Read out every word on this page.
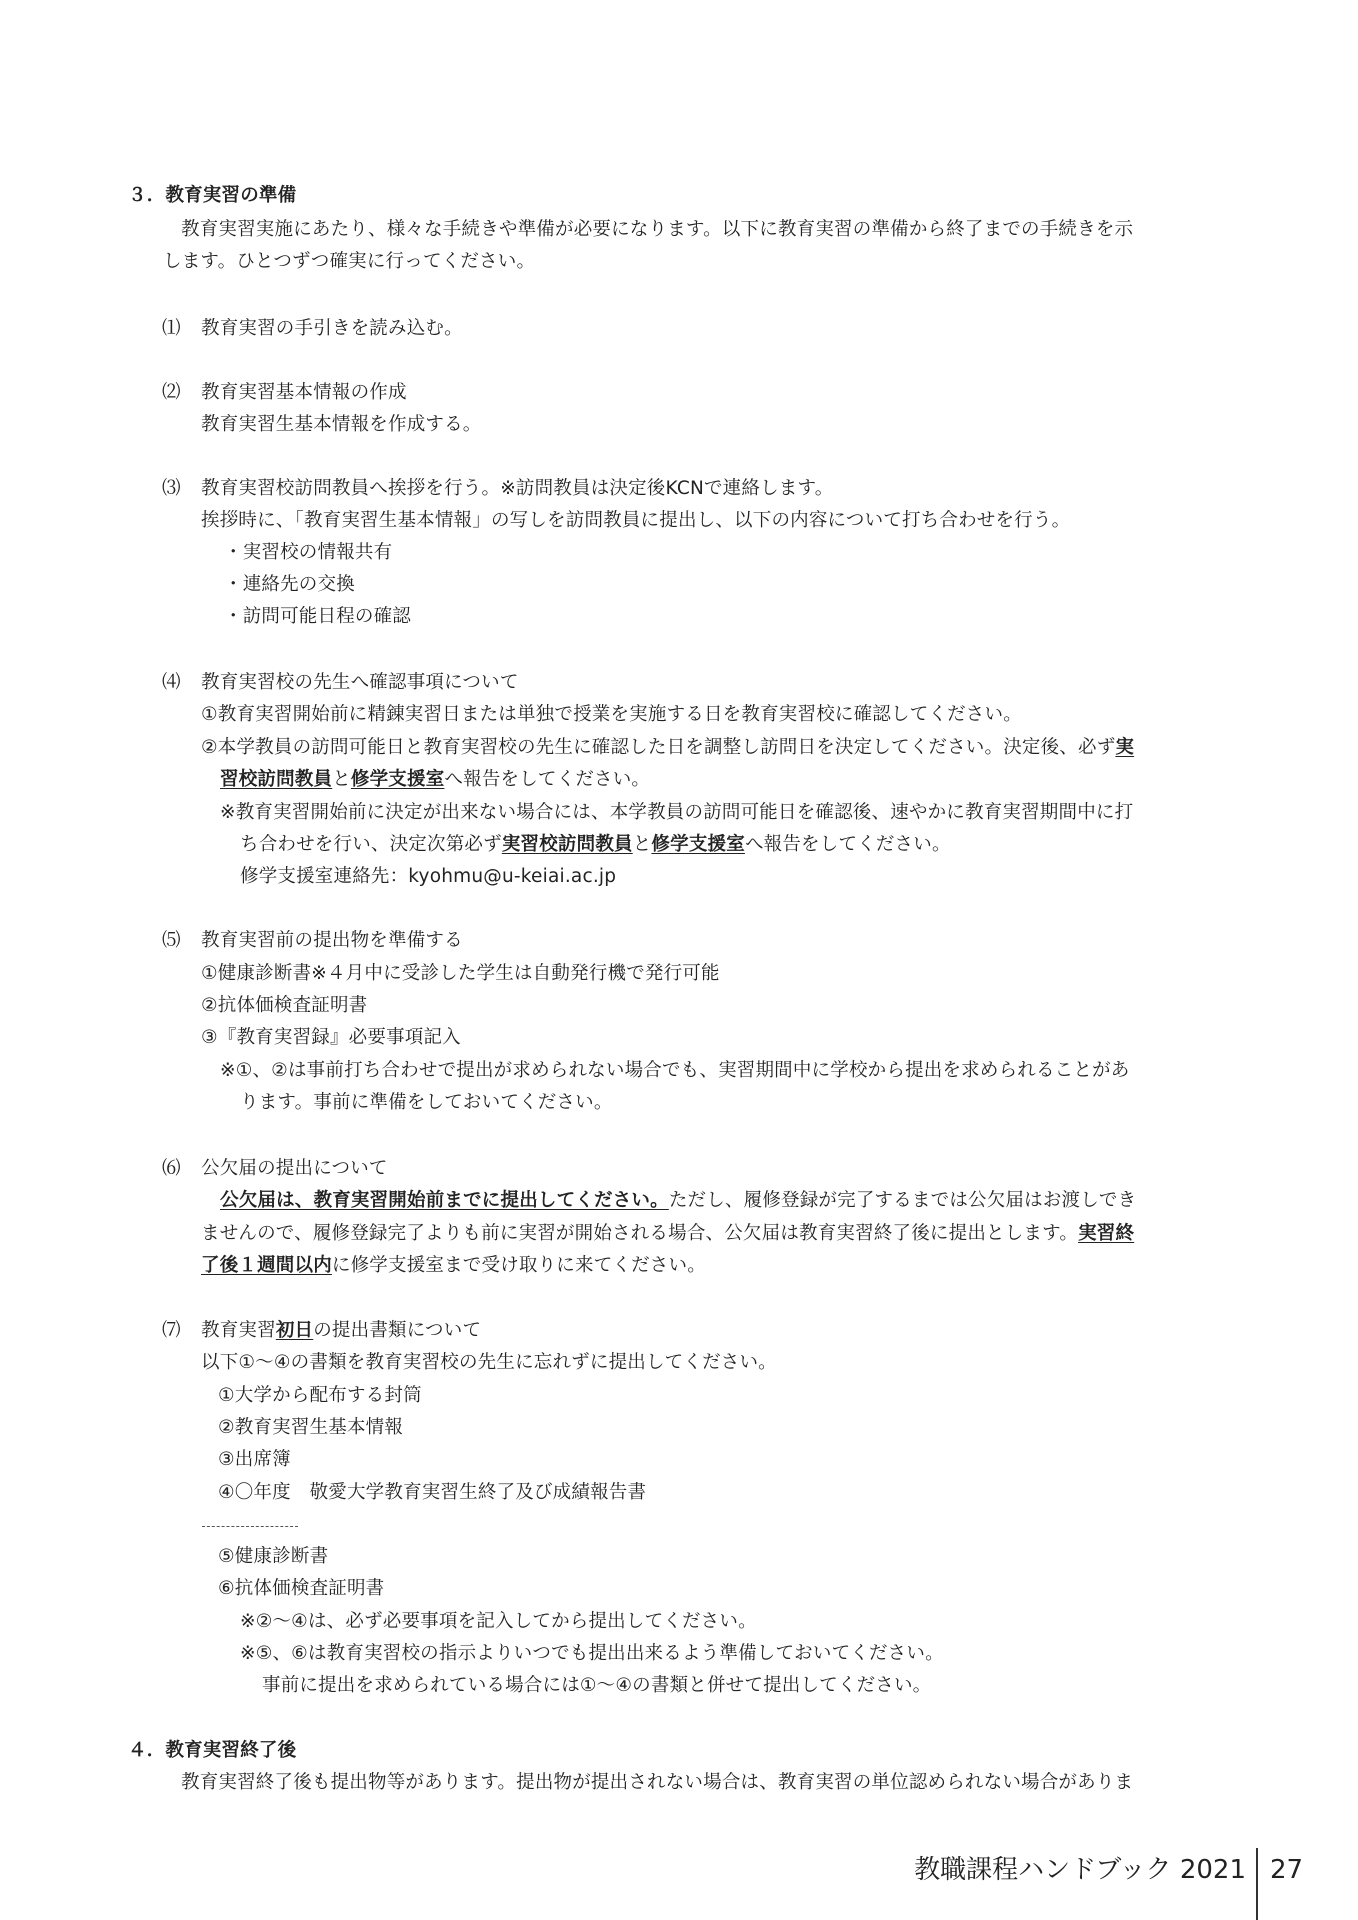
３．教育実習の準備
教育実習実施にあたり、様々な手続きや準備が必要になります。以下に教育実習の準備から終了までの手続きを示
します。ひとつずつ確実に行ってください。
⑴ 教育実習の手引きを読み込む。
⑵ 教育実習基本情報の作成
教育実習生基本情報を作成する。
⑶ 教育実習校訪問教員へ挨拶を行う。※訪問教員は決定後KCNで連絡します。
挨拶時に、「教育実習生基本情報」の写しを訪問教員に提出し、以下の内容について打ち合わせを行う。
・実習校の情報共有
・連絡先の交換
・訪問可能日程の確認
⑷ 教育実習校の先生へ確認事項について
①教育実習開始前に精錬実習日または単独で授業を実施する日を教育実習校に確認してください。
②本学教員の訪問可能日と教育実習校の先生に確認した日を調整し訪問日を決定してください。決定後、必ず実
習校訪問教員と修学支援室へ報告をしてください。
※教育実習開始前に決定が出来ない場合には、本学教員の訪問可能日を確認後、速やかに教育実習期間中に打
ち合わせを行い、決定次第必ず実習校訪問教員と修学支援室へ報告をしてください。
修学支援室連絡先：kyohmu@u-keiai.ac.jp
⑸ 教育実習前の提出物を準備する
①健康診断書※４月中に受診した学生は自動発行機で発行可能
②抗体価検査証明書
③『教育実習録』必要事項記入
※①、②は事前打ち合わせで提出が求められない場合でも、実習期間中に学校から提出を求められることがあ
ります。事前に準備をしておいてください。
⑹ 公欠届の提出について
公欠届は、教育実習開始前までに提出してください。ただし、履修登録が完了するまでは公欠届はお渡しでき
ませんので、履修登録完了よりも前に実習が開始される場合、公欠届は教育実習終了後に提出とします。実習終
了後１週間以内に修学支援室まで受け取りに来てください。
⑺ 教育実習初日の提出書類について
以下①～④の書類を教育実習校の先生に忘れずに提出してください。
①大学から配布する封筒
②教育実習生基本情報
③出席簿
④〇年度　敬愛大学教育実習生終了及び成績報告書
⑤健康診断書
⑥抗体価検査証明書
※②～④は、必ず必要事項を記入してから提出してください。
※⑤、⑥は教育実習校の指示よりいつでも提出出来るよう準備しておいてください。
事前に提出を求められている場合には①～④の書類と併せて提出してください。
４．教育実習終了後
教育実習終了後も提出物等があります。提出物が提出されない場合は、教育実習の単位認められない場合がありま
教職課程ハンドブック 2021 27
